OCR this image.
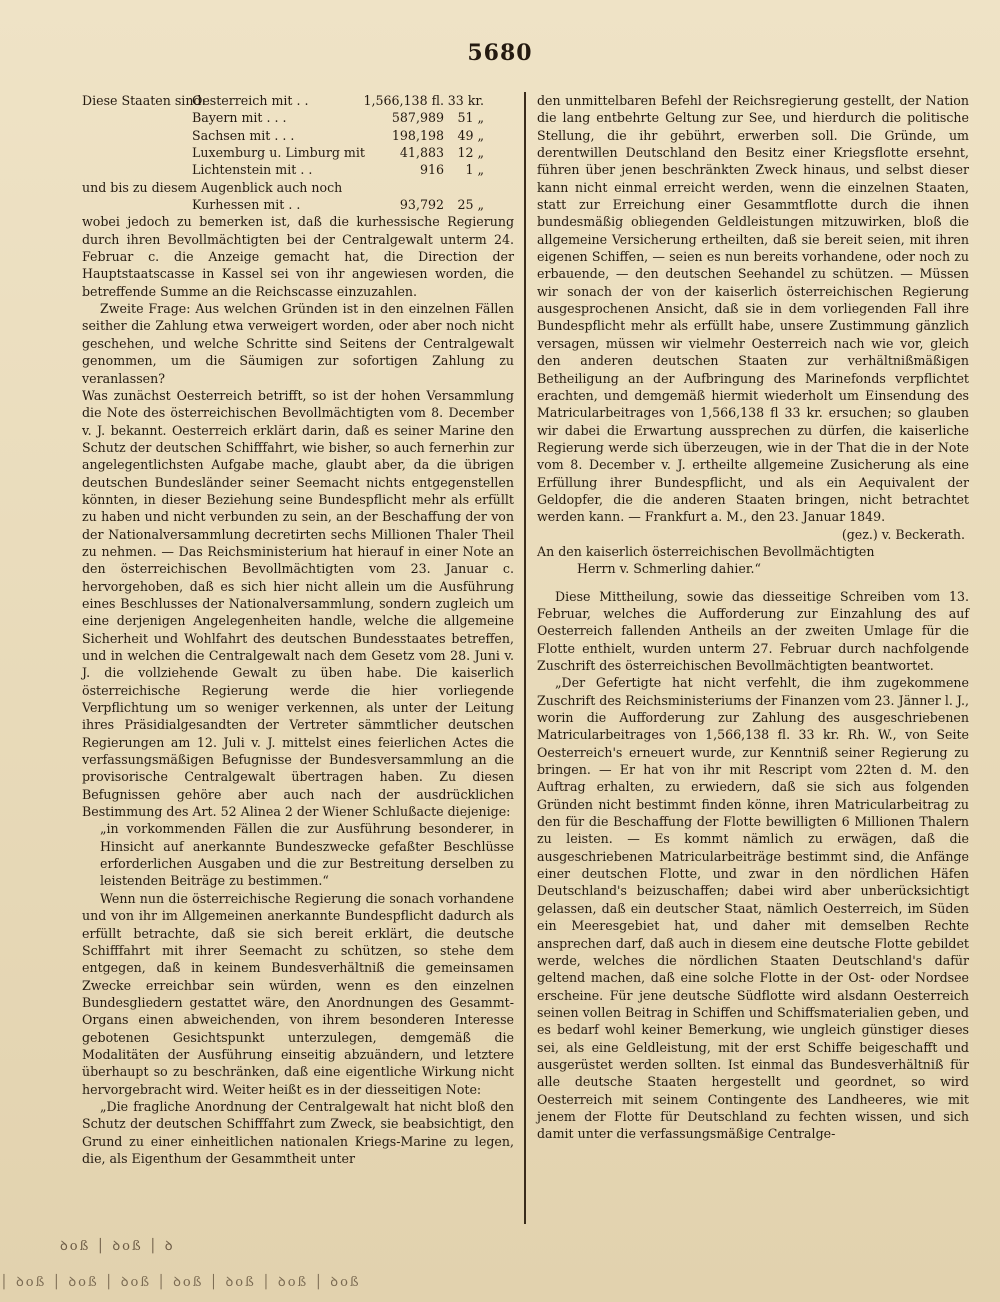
5680
Diese Staaten sind:
Oesterreich mit . .	1,566,138 fl. 33 kr.
Bayern mit . . .	587,989	51 „
Sachsen mit . . .	198,198	49 „
Luxemburg u. Limburg mit	41,883	12 „
Lichtenstein mit . .	916	1 „

und bis zu diesem Augenblick auch noch

Kurhessen mit . .	93,792	25 „

wobei jedoch zu bemerken ist, daß die kurhessische Regierung durch ihren Bevollmächtigten bei der Centralgewalt unterm 24. Februar c. die Anzeige gemacht hat, die Direction der Hauptstaatscasse in Kassel sei von ihr angewiesen worden, die betreffende Summe an die Reichscasse einzuzahlen.

Zweite Frage: Aus welchen Gründen ist in den einzelnen Fällen seither die Zahlung etwa verweigert worden, oder aber noch nicht geschehen, und welche Schritte sind Seitens der Centralgewalt genommen, um die Säumigen zur sofortigen Zahlung zu veranlassen?

Was zunächst Oesterreich betrifft, so ist der hohen Versammlung die Note des österreichischen Bevollmächtigten vom 8. December v. J. bekannt. Oesterreich erklärt darin, daß es seiner Marine den Schutz der deutschen Schifffahrt, wie bisher, so auch fernerhin zur angelegentlichsten Aufgabe mache, glaubt aber, da die übrigen deutschen Bundesländer seiner Seemacht nichts entgegenstellen könnten, in dieser Beziehung seine Bundespflicht mehr als erfüllt zu haben und nicht verbunden zu sein, an der Beschaffung der von der Nationalversammlung decretirten sechs Millionen Thaler Theil zu nehmen. — Das Reichsministerium hat hierauf in einer Note an den österreichischen Bevollmächtigten vom 23. Januar c. hervorgehoben, daß es sich hier nicht allein um die Ausführung eines Beschlusses der Nationalversammlung, sondern zugleich um eine derjenigen Angelegenheiten handle, welche die allgemeine Sicherheit und Wohlfahrt des deutschen Bundesstaates betreffen, und in welchen die Centralgewalt nach dem Gesetz vom 28. Juni v. J. die vollziehende Gewalt zu üben habe. Die kaiserlich österreichische Regierung werde die hier vorliegende Verpflichtung um so weniger verkennen, als unter der Leitung ihres Präsidialgesandten der Vertreter sämmtlicher deutschen Regierungen am 12. Juli v. J. mittelst eines feierlichen Actes die verfassungsmäßigen Befugnisse der Bundesversammlung an die provisorische Centralgewalt übertragen haben. Zu diesen Befugnissen gehöre aber auch nach der ausdrücklichen Bestimmung des Art. 52 Alinea 2 der Wiener Schlußacte diejenige:

„in vorkommenden Fällen die zur Ausführung besonderer, in Hinsicht auf anerkannte Bundeszwecke gefaßter Beschlüsse erforderlichen Ausgaben und die zur Bestreitung derselben zu leistenden Beiträge zu bestimmen.“

Wenn nun die österreichische Regierung die sonach vorhandene und von ihr im Allgemeinen anerkannte Bundespflicht dadurch als erfüllt betrachte, daß sie sich bereit erklärt, die deutsche Schifffahrt mit ihrer Seemacht zu schützen, so stehe dem entgegen, daß in keinem Bundesverhältniß die gemeinsamen Zwecke erreichbar sein würden, wenn es den einzelnen Bundesgliedern gestattet wäre, den Anordnungen des Gesammt-Organs einen abweichenden, von ihrem besonderen Interesse gebotenen Gesichtspunkt unterzulegen, demgemäß die Modalitäten der Ausführung einseitig abzuändern, und letztere überhaupt so zu beschränken, daß eine eigentliche Wirkung nicht hervorgebracht wird. Weiter heißt es in der diesseitigen Note:

„Die fragliche Anordnung der Centralgewalt hat nicht bloß den Schutz der deutschen Schifffahrt zum Zweck, sie beabsichtigt, den Grund zu einer einheitlichen nationalen Kriegs-Marine zu legen, die, als Eigenthum der Gesammtheit unter

den unmittelbaren Befehl der Reichsregierung gestellt, der Nation die lang entbehrte Geltung zur See, und hierdurch die politische Stellung, die ihr gebührt, erwerben soll. Die Gründe, um derentwillen Deutschland den Besitz einer Kriegsflotte ersehnt, führen über jenen beschränkten Zweck hinaus, und selbst dieser kann nicht einmal erreicht werden, wenn die einzelnen Staaten, statt zur Erreichung einer Gesammtflotte durch die ihnen bundesmäßig obliegenden Geldleistungen mitzuwirken, bloß die allgemeine Versicherung ertheilten, daß sie bereit seien, mit ihren eigenen Schiffen, — seien es nun bereits vorhandene, oder noch zu erbauende, — den deutschen Seehandel zu schützen. — Müssen wir sonach der von der kaiserlich österreichischen Regierung ausgesprochenen Ansicht, daß sie in dem vorliegenden Fall ihre Bundespflicht mehr als erfüllt habe, unsere Zustimmung gänzlich versagen, müssen wir vielmehr Oesterreich nach wie vor, gleich den anderen deutschen Staaten zur verhältnißmäßigen Betheiligung an der Aufbringung des Marinefonds verpflichtet erachten, und demgemäß hiermit wiederholt um Einsendung des Matricularbeitrages von 1,566,138 fl 33 kr. ersuchen; so glauben wir dabei die Erwartung aussprechen zu dürfen, die kaiserliche Regierung werde sich überzeugen, wie in der That die in der Note vom 8. December v. J. ertheilte allgemeine Zusicherung als eine Erfüllung ihrer Bundespflicht, und als ein Aequivalent der Geldopfer, die die anderen Staaten bringen, nicht betrachtet werden kann. — Frankfurt a. M., den 23. Januar 1849.

(gez.) v. Beckerath.

An den kaiserlich österreichischen Bevollmächtigten

Herrn v. Schmerling dahier.“

Diese Mittheilung, sowie das diesseitige Schreiben vom 13. Februar, welches die Aufforderung zur Einzahlung des auf Oesterreich fallenden Antheils an der zweiten Umlage für die Flotte enthielt, wurden unterm 27. Februar durch nachfolgende Zuschrift des österreichischen Bevollmächtigten beantwortet.

„Der Gefertigte hat nicht verfehlt, die ihm zugekommene Zuschrift des Reichsministeriums der Finanzen vom 23. Jänner l. J., worin die Aufforderung zur Zahlung des ausgeschriebenen Matricularbeitrages von 1,566,138 fl. 33 kr. Rh. W., von Seite Oesterreich's erneuert wurde, zur Kenntniß seiner Regierung zu bringen. — Er hat von ihr mit Rescript vom 22ten d. M. den Auftrag erhalten, zu erwiedern, daß sie sich aus folgenden Gründen nicht bestimmt finden könne, ihren Matricularbeitrag zu den für die Beschaffung der Flotte bewilligten 6 Millionen Thalern zu leisten. — Es kommt nämlich zu erwägen, daß die ausgeschriebenen Matricularbeiträge bestimmt sind, die Anfänge einer deutschen Flotte, und zwar in den nördlichen Häfen Deutschland's beizuschaffen; dabei wird aber unberücksichtigt gelassen, daß ein deutscher Staat, nämlich Oesterreich, im Süden ein Meeresgebiet hat, und daher mit demselben Rechte ansprechen darf, daß auch in diesem eine deutsche Flotte gebildet werde, welches die nördlichen Staaten Deutschland's dafür geltend machen, daß eine solche Flotte in der Ost- oder Nordsee erscheine. Für jene deutsche Südflotte wird alsdann Oesterreich seinen vollen Beitrag in Schiffen und Schiffsmaterialien geben, und es bedarf wohl keiner Bemerkung, wie ungleich günstiger dieses sei, als eine Geldleistung, mit der erst Schiffe beigeschafft und ausgerüstet werden sollten. Ist einmal das Bundesverhältniß für alle deutsche Staaten hergestellt und geordnet, so wird Oesterreich mit seinem Contingente des Landheeres, wie mit jenem der Flotte für Deutschland zu fechten wissen, und sich damit unter die verfassungsmäßige Centralge-

ꝺoß │ ꝺoß │ ꝺ
│ ꝺoß │ ꝺoß │ ꝺoß │ ꝺoß │ ꝺoß │ ꝺoß │ ꝺoß
